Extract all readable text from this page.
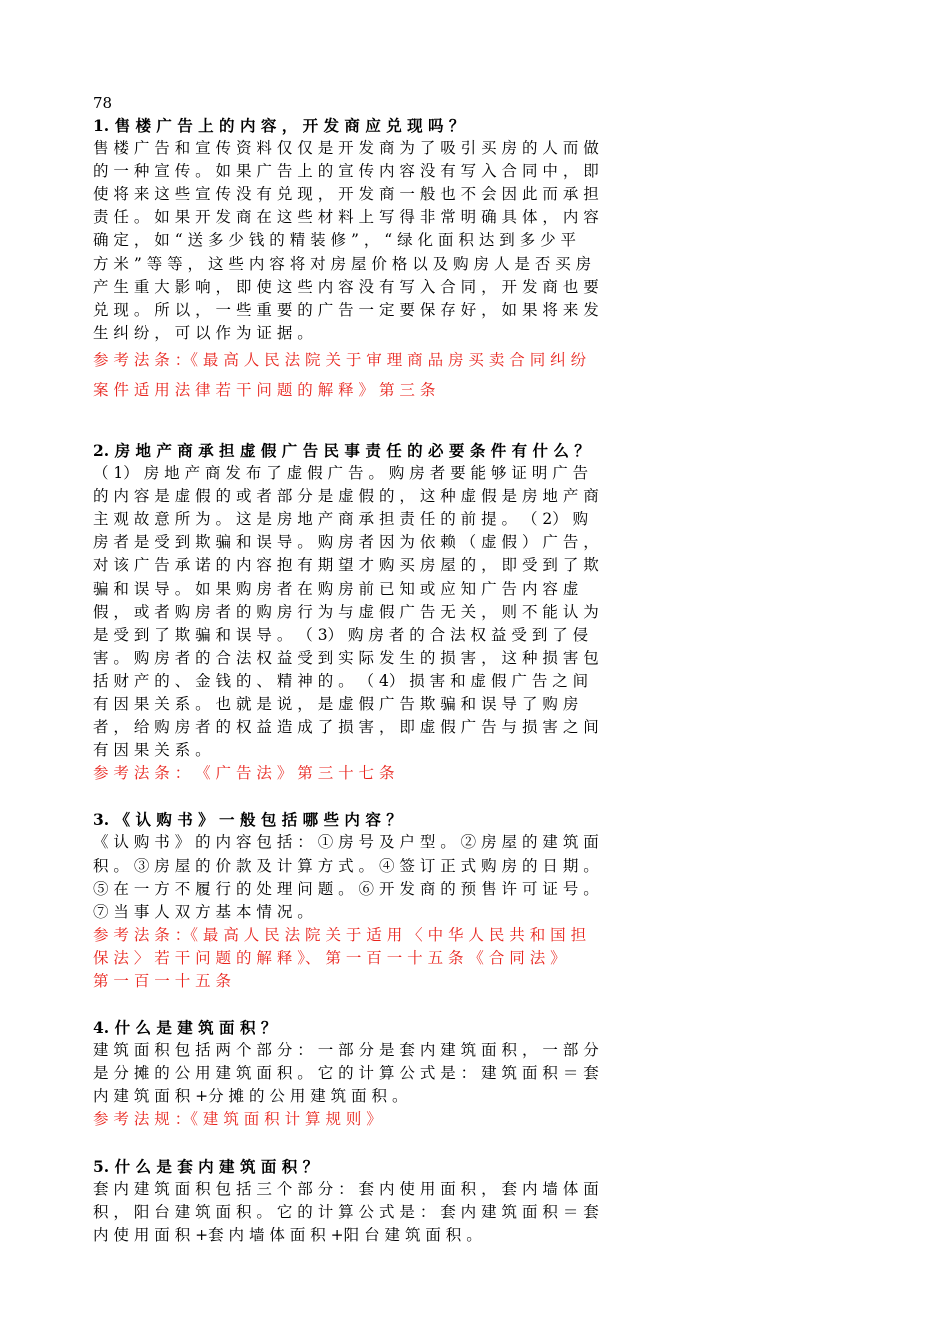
78
1. 售 楼 广 告 上 的 内 容 ， 开 发 商 应 兑 现 吗 ？
售 楼 广 告 和 宣 传 资 料 仅 仅 是 开 发 商 为 了 吸 引 买 房 的 人 而 做
的 一 种 宣 传 。 如 果 广 告 上 的 宣 传 内 容 没 有 写 入 合 同 中 ， 即
使 将 来 这 些 宣 传 没 有 兑 现 ， 开 发 商 一 般 也 不 会 因 此 而 承 担
责 任 。 如 果 开 发 商 在 这 些 材 料 上 写 得 非 常 明 确 具 体 ， 内 容
确 定 ， 如 “ 送 多 少 钱 的 精 装 修 ” ， “ 绿 化 面 积 达 到 多 少 平
方 米 ” 等 等 ， 这 些 内 容 将 对 房 屋 价 格 以 及 购 房 人 是 否 买 房
产 生 重 大 影 响 ， 即 使 这 些 内 容 没 有 写 入 合 同 ， 开 发 商 也 要
兑 现 。 所 以 ， 一 些 重 要 的 广 告 一 定 要 保 存 好 ， 如 果 将 来 发
生 纠 纷 ， 可 以 作 为 证 据 。
参 考 法 条 ：《 最 高 人 民 法 院 关 于 审 理 商 品 房 买 卖 合 同 纠 纷
案 件 适 用 法 律 若 干 问 题 的 解 释 》 第 三 条
2. 房 地 产 商 承 担 虚 假 广 告 民 事 责 任 的 必 要 条 件 有 什 么 ？
（ 1） 房 地 产 商 发 布 了 虚 假 广 告 。 购 房 者 要 能 够 证 明 广 告
的 内 容 是 虚 假 的 或 者 部 分 是 虚 假 的 ， 这 种 虚 假 是 房 地 产 商
主 观 故 意 所 为 。 这 是 房 地 产 商 承 担 责 任 的 前 提 。 （ 2） 购
房 者 是 受 到 欺 骗 和 误 导 。 购 房 者 因 为 依 赖 （ 虚 假 ） 广 告 ，
对 该 广 告 承 诺 的 内 容 抱 有 期 望 才 购 买 房 屋 的 ， 即 受 到 了 欺
骗 和 误 导 。 如 果 购 房 者 在 购 房 前 已 知 或 应 知 广 告 内 容 虚
假 ， 或 者 购 房 者 的 购 房 行 为 与 虚 假 广 告 无 关 ， 则 不 能 认 为
是 受 到 了 欺 骗 和 误 导 。 （ 3） 购 房 者 的 合 法 权 益 受 到 了 侵
害 。 购 房 者 的 合 法 权 益 受 到 实 际 发 生 的 损 害 ， 这 种 损 害 包
括 财 产 的 、 金 钱 的 、 精 神 的 。 （ 4） 损 害 和 虚 假 广 告 之 间
有 因 果 关 系 。 也 就 是 说 ， 是 虚 假 广 告 欺 骗 和 误 导 了 购 房
者 ， 给 购 房 者 的 权 益 造 成 了 损 害 ， 即 虚 假 广 告 与 损 害 之 间
有 因 果 关 系 。
参 考 法 条 ： 《 广 告 法 》 第 三 十 七 条
3. 《 认 购 书 》 一 般 包 括 哪 些 内 容 ？
《 认 购 书 》 的 内 容 包 括 ： ① 房 号 及 户 型 。 ② 房 屋 的 建 筑 面
积 。 ③ 房 屋 的 价 款 及 计 算 方 式 。 ④ 签 订 正 式 购 房 的 日 期 。
⑤ 在 一 方 不 履 行 的 处 理 问 题 。 ⑥ 开 发 商 的 预 售 许 可 证 号 。
⑦ 当 事 人 双 方 基 本 情 况 。
参 考 法 条 ：《 最 高 人 民 法 院 关 于 适 用 〈 中 华 人 民 共 和 国 担
保 法 〉 若 干 问 题 的 解 释 》、 第 一 百 一 十 五 条 《 合 同 法 》
第 一 百 一 十 五 条
4. 什 么 是 建 筑 面 积 ？
建 筑 面 积 包 括 两 个 部 分 ： 一 部 分 是 套 内 建 筑 面 积 ， 一 部 分
是 分 摊 的 公 用 建 筑 面 积 。 它 的 计 算 公 式 是 ： 建 筑 面 积 ＝ 套
内 建 筑 面 积 +分 摊 的 公 用 建 筑 面 积 。
参 考 法 规 ：《 建 筑 面 积 计 算 规 则 》
5. 什 么 是 套 内 建 筑 面 积 ？
套 内 建 筑 面 积 包 括 三 个 部 分 ： 套 内 使 用 面 积 ， 套 内 墙 体 面
积 ， 阳 台 建 筑 面 积 。 它 的 计 算 公 式 是 ： 套 内 建 筑 面 积 ＝ 套
内 使 用 面 积 +套 内 墙 体 面 积 +阳 台 建 筑 面 积 。
